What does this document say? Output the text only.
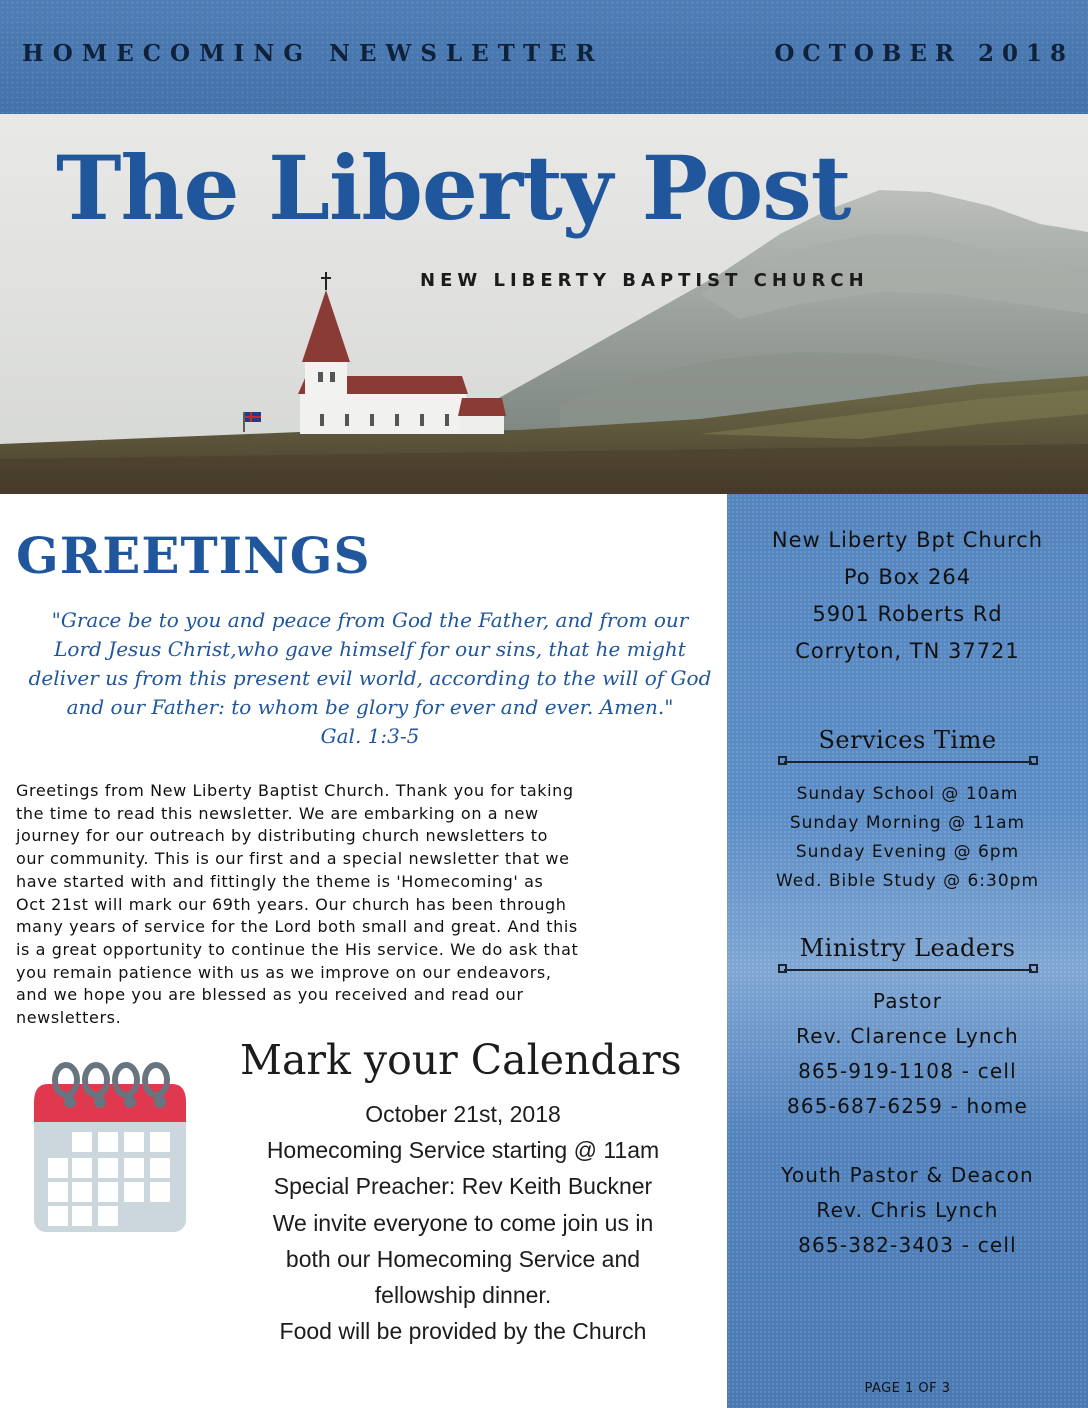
HOMECOMING NEWSLETTER	OCTOBER 2018
The Liberty Post
NEW LIBERTY BAPTIST CHURCH
GREETINGS
"Grace be to you and peace from God the Father, and from our
Lord Jesus Christ,who gave himself for our sins, that he might
deliver us from this present evil world, according to the will of God
and our Father: to whom be glory for ever and ever. Amen."
Gal. 1:3-5
Greetings from New Liberty Baptist Church. Thank you for taking
the time to read this newsletter. We are embarking on a new
journey for our outreach by distributing church newsletters to
our community. This is our first and a special newsletter that we
have started with and fittingly the theme is 'Homecoming' as
Oct 21st will mark our 69th years. Our church has been through
many years of service for the Lord both small and great. And this
is a great opportunity to continue the His service. We do ask that
you remain patience with us as we improve on our endeavors,
and we hope you are blessed as you received and read our
newsletters.
Mark your Calendars
October 21st, 2018
Homecoming Service starting @ 11am
Special Preacher: Rev Keith Buckner
We invite everyone to come join us in
both our Homecoming Service and
fellowship dinner.
Food will be provided by the Church
New Liberty Bpt Church
Po Box 264
5901 Roberts Rd
Corryton, TN 37721
Services Time
Sunday School @ 10am
Sunday Morning @ 11am
Sunday Evening @ 6pm
Wed. Bible Study @ 6:30pm
Ministry Leaders
Pastor
Rev. Clarence Lynch
865-919-1108 - cell
865-687-6259 - home
Youth Pastor & Deacon
Rev. Chris Lynch
865-382-3403 - cell
PAGE 1 OF 3
